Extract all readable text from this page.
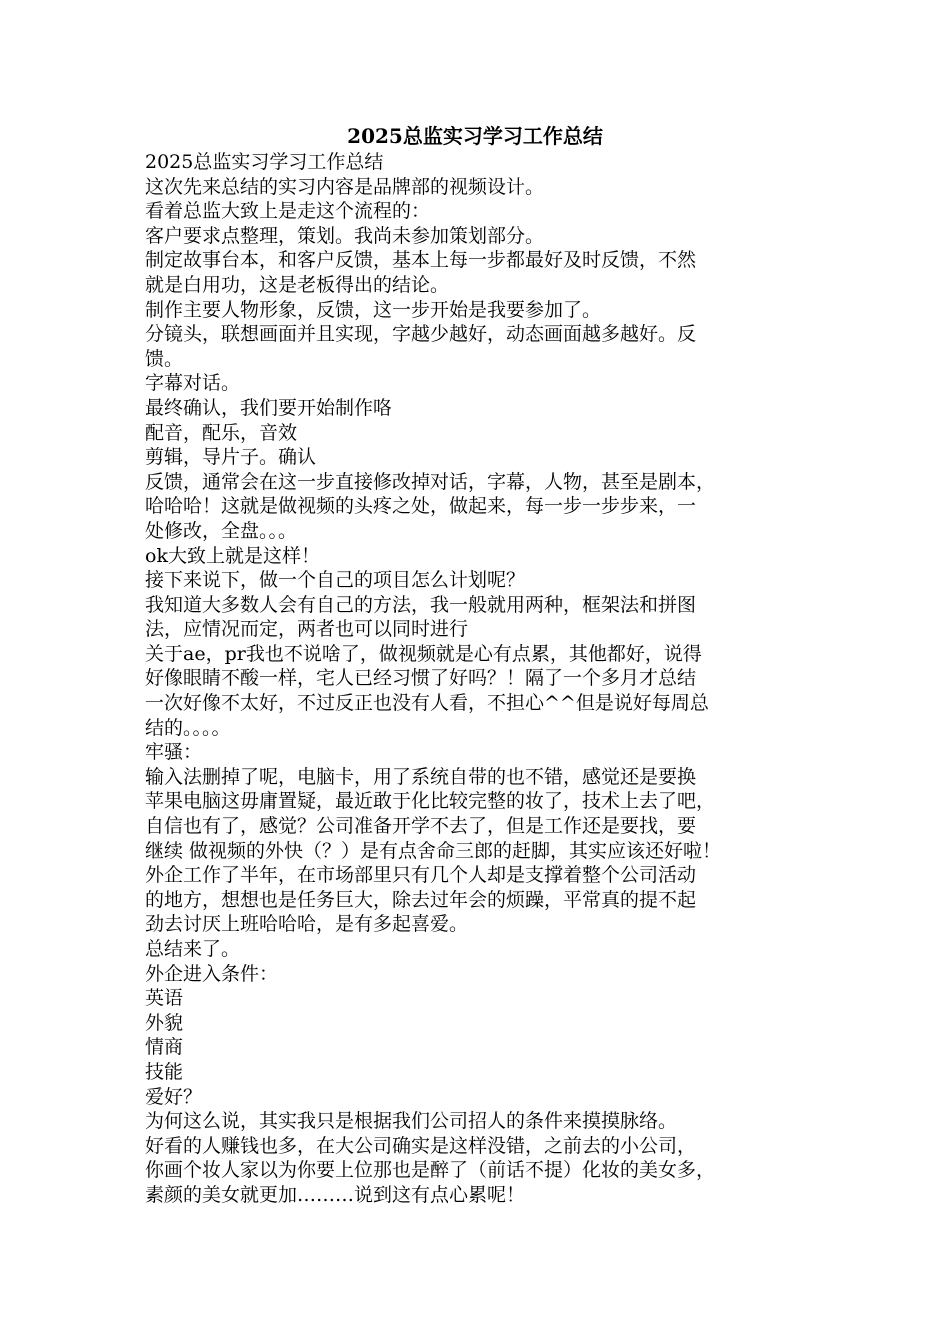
2025总监实习学习工作总结

2025总监实习学习工作总结

这次先来总结的实习内容是品牌部的视频设计。

看着总监大致上是走这个流程的：

客户要求点整理，策划。我尚未参加策划部分。

制定故事台本，和客户反馈，基本上每一步都最好及时反馈，不然

就是白用功，这是老板得出的结论。

制作主要人物形象，反馈，这一步开始是我要参加了。

分镜头，联想画面并且实现，字越少越好，动态画面越多越好。反

馈。

字幕对话。

最终确认，我们要开始制作咯

配音，配乐，音效

剪辑，导片子。确认

反馈，通常会在这一步直接修改掉对话，字幕，人物，甚至是剧本，

哈哈哈！这就是做视频的头疼之处，做起来，每一步一步步来，一

处修改，全盘。。。

ok大致上就是这样！

接下来说下，做一个自己的项目怎么计划呢？

我知道大多数人会有自己的方法，我一般就用两种，框架法和拼图

法，应情况而定，两者也可以同时进行

关于ae，pr我也不说啥了，做视频就是心有点累，其他都好，说得

好像眼睛不酸一样，宅人已经习惯了好吗？！隔了一个多月才总结

一次好像不太好，不过反正也没有人看，不担心^^但是说好每周总

结的。。。。

牢骚：

输入法删掉了呢，电脑卡，用了系统自带的也不错，感觉还是要换

苹果电脑这毋庸置疑，最近敢于化比较完整的妆了，技术上去了吧，

自信也有了，感觉？公司准备开学不去了，但是工作还是要找，要

继续 做视频的外快（？）是有点舍命三郎的赶脚，其实应该还好啦！

外企工作了半年，在市场部里只有几个人却是支撑着整个公司活动

的地方，想想也是任务巨大，除去过年会的烦躁，平常真的提不起

劲去讨厌上班哈哈哈，是有多起喜爱。

总结来了。

外企进入条件：

英语

外貌

情商

技能

爱好？

为何这么说，其实我只是根据我们公司招人的条件来摸摸脉络。

好看的人赚钱也多，在大公司确实是这样没错，之前去的小公司，

你画个妆人家以为你要上位那也是醉了（前话不提）化妆的美女多，

素颜的美女就更加………说到这有点心累呢！
